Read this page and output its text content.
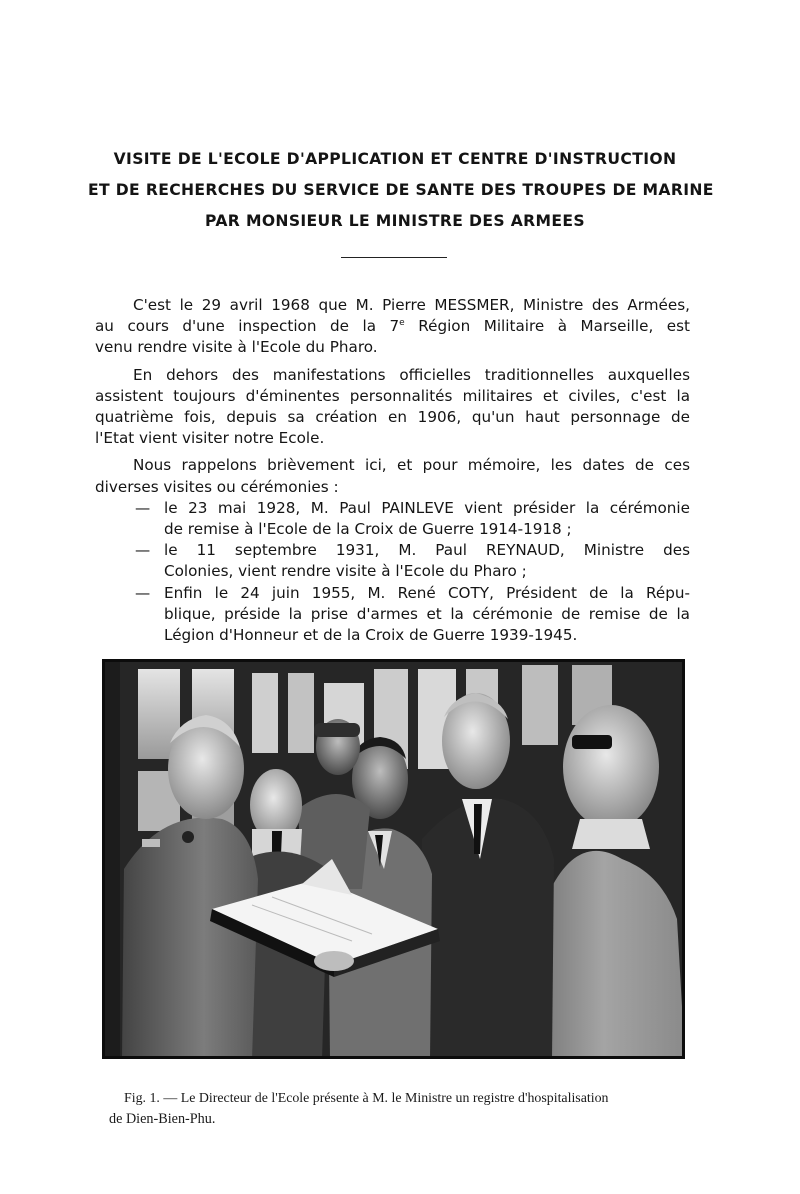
VISITE DE L'ECOLE D'APPLICATION ET CENTRE D'INSTRUCTION
ET DE RECHERCHES DU SERVICE DE SANTE DES TROUPES DE MARINE
PAR MONSIEUR LE MINISTRE DES ARMEES
C'est le 29 avril 1968 que M. Pierre MESSMER, Ministre des Armées,
au cours d'une inspection de la 7e Région Militaire à Marseille, est
venu rendre visite à l'Ecole du Pharo.
En dehors des manifestations officielles traditionnelles auxquelles
assistent toujours d'éminentes personnalités militaires et civiles, c'est la
quatrième fois, depuis sa création en 1906, qu'un haut personnage de
l'Etat vient visiter notre Ecole.
Nous rappelons brièvement ici, et pour mémoire, les dates de ces
diverses visites ou cérémonies :
— le 23 mai 1928, M. Paul PAINLEVE vient présider la cérémonie
de remise à l'Ecole de la Croix de Guerre 1914-1918 ;
— le 11 septembre 1931, M. Paul REYNAUD, Ministre des
Colonies, vient rendre visite à l'Ecole du Pharo ;
— Enfin le 24 juin 1955, M. René COTY, Président de la Répu-
blique, préside la prise d'armes et la cérémonie de remise de la
Légion d'Honneur et de la Croix de Guerre 1939-1945.
Fig. 1. — Le Directeur de l'Ecole présente à M. le Ministre un registre d'hospitalisation
de Dien-Bien-Phu.
